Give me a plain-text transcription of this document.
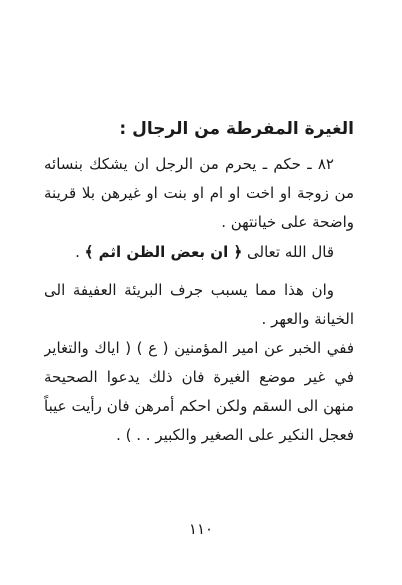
الغيرة المفرطة من الرجال :
٨٢ ـ حكم ـ يحرم من الرجل ان يشكك بنسائه
من زوجة او اخت او ام او بنت او غيرهن بلا قرينة
واضحة على خيانتهن .
قال الله تعالى ﴿ ان بعض الظن اثم ﴾ .
وان هذا مما يسبب جرف البريئة العفيفة الى
الخيانة والعهر .
ففي الخبر عن امير المؤمنين ( ع ) ( اياك والتغاير
في غير موضع الغيرة فان ذلك يدعوا الصحيحة
منهن الى السقم ولكن احكم أمرهن فان رأيت عيباً
فعجل النكير على الصغير والكبير . . ) .
١١٠
